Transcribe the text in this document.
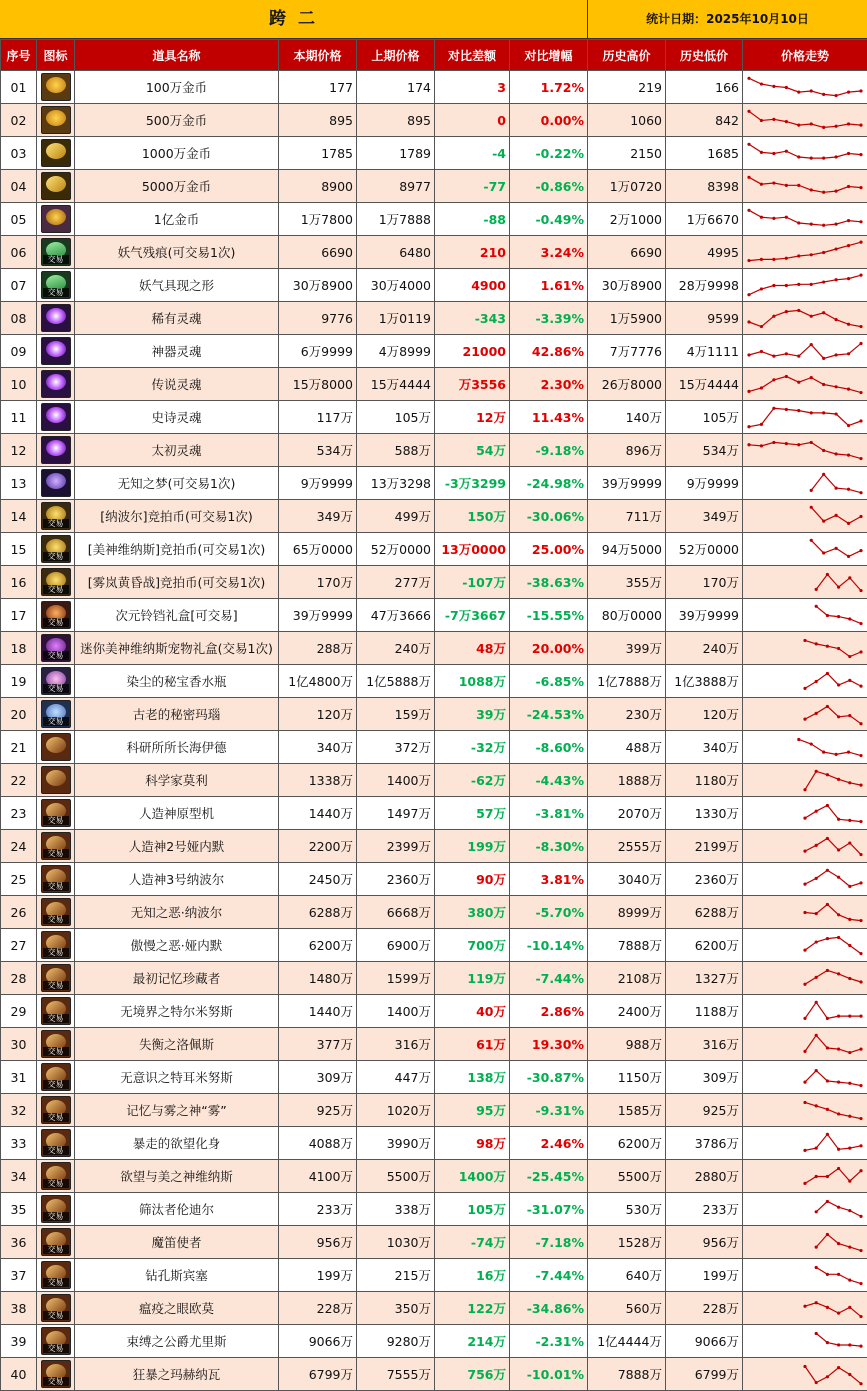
跨 二	统计日期：2025年10月10日
序号	图标	道具名称	本期价格	上期价格	对比差额	对比增幅	历史高价	历史低价	价格走势
01		100万金币	177	174	3	1.72%	219	166	

02		500万金币	895	895	0	0.00%	1060	842	

03		1000万金币	1785	1789	-4	-0.22%	2150	1685	

04		5000万金币	8900	8977	-77	-0.86%	1万0720	8398	

05		1亿金币	1万7800	1万7888	-88	-0.49%	2万1000	1万6670	

06	交易	妖气残痕(可交易1次)	6690	6480	210	3.24%	6690	4995	

07	交易	妖气具现之形	30万8900	30万4000	4900	1.61%	30万8900	28万9998	

08		稀有灵魂	9776	1万0119	-343	-3.39%	1万5900	9599	

09		神器灵魂	6万9999	4万8999	21000	42.86%	7万7776	4万1111	

10		传说灵魂	15万8000	15万4444	万3556	2.30%	26万8000	15万4444	

11		史诗灵魂	117万	105万	12万	11.43%	140万	105万	

12		太初灵魂	534万	588万	54万	-9.18%	896万	534万	

13		无知之梦(可交易1次)	9万9999	13万3298	-3万3299	-24.98%	39万9999	9万9999	

14	交易	[纳波尔]竞拍币(可交易1次)	349万	499万	150万	-30.06%	711万	349万	

15	交易	[美神维纳斯]竞拍币(可交易1次)	65万0000	52万0000	13万0000	25.00%	94万5000	52万0000	

16	交易	[雾岚黄昏战]竞拍币(可交易1次)	170万	277万	-107万	-38.63%	355万	170万	

17	交易	次元铃铛礼盒[可交易]	39万9999	47万3666	-7万3667	-15.55%	80万0000	39万9999	

18	交易	迷你美神维纳斯宠物礼盒(交易1次)	288万	240万	48万	20.00%	399万	240万	

19	交易	染尘的秘宝香水瓶	1亿4800万	1亿5888万	1088万	-6.85%	1亿7888万	1亿3888万	

20	交易	古老的秘密玛瑙	120万	159万	39万	-24.53%	230万	120万	

21		科研所所长海伊德	340万	372万	-32万	-8.60%	488万	340万	

22		科学家莫利	1338万	1400万	-62万	-4.43%	1888万	1180万	

23	交易	人造神原型机	1440万	1497万	57万	-3.81%	2070万	1330万	

24	交易	人造神2号娅内默	2200万	2399万	199万	-8.30%	2555万	2199万	

25	交易	人造神3号纳波尔	2450万	2360万	90万	3.81%	3040万	2360万	

26	交易	无知之恶·纳波尔	6288万	6668万	380万	-5.70%	8999万	6288万	

27	交易	傲慢之恶·娅内默	6200万	6900万	700万	-10.14%	7888万	6200万	

28	交易	最初记忆珍藏者	1480万	1599万	119万	-7.44%	2108万	1327万	

29	交易	无境界之特尔米努斯	1440万	1400万	40万	2.86%	2400万	1188万	

30	交易	失衡之洛佩斯	377万	316万	61万	19.30%	988万	316万	

31	交易	无意识之特耳米努斯	309万	447万	138万	-30.87%	1150万	309万	

32	交易	记忆与雾之神“雾”	925万	1020万	95万	-9.31%	1585万	925万	

33	交易	暴走的欲望化身	4088万	3990万	98万	2.46%	6200万	3786万	

34	交易	欲望与美之神维纳斯	4100万	5500万	1400万	-25.45%	5500万	2880万	

35	交易	筛汰者伦迪尔	233万	338万	105万	-31.07%	530万	233万	

36	交易	魔笛使者	956万	1030万	-74万	-7.18%	1528万	956万	

37	交易	钻孔斯宾塞	199万	215万	16万	-7.44%	640万	199万	

38	交易	瘟疫之眼欧莫	228万	350万	122万	-34.86%	560万	228万	

39	交易	束缚之公爵尤里斯	9066万	9280万	214万	-2.31%	1亿4444万	9066万	

40	交易	狂暴之玛赫纳瓦	6799万	7555万	756万	-10.01%	7888万	6799万	
